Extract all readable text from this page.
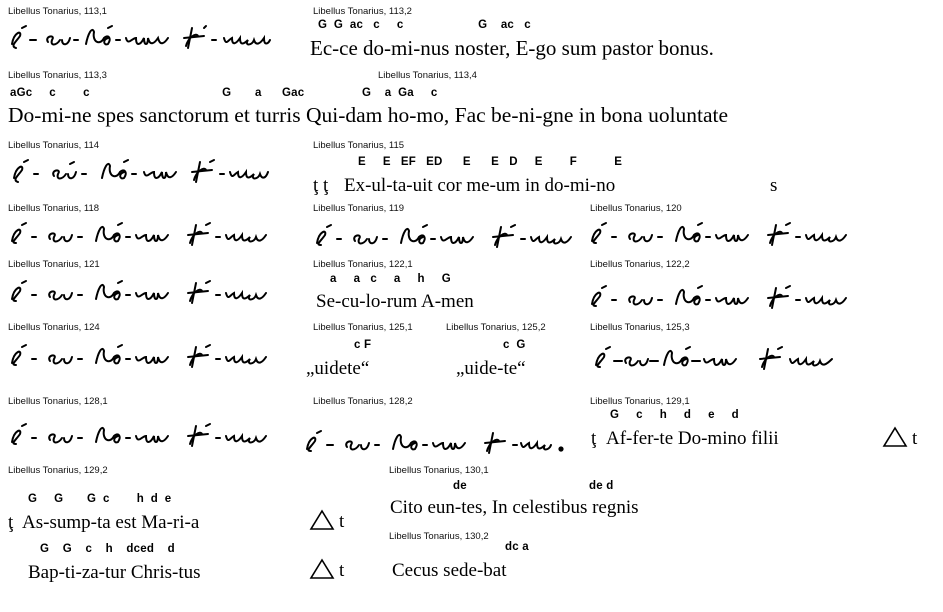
Libellus Tonarius, 113,1	Libellus Tonarius, 113,2
G  G  ac   c     c                      G    ac   c
Ec-ce do-mi-nus noster, E-go sum pastor bonus.
Libellus Tonarius, 113,3	Libellus Tonarius, 113,4
aGc     c        c                                       G       a      Gac                 G    a  Ga     c
Do-mi-ne spes sanctorum et turris Qui-dam ho-mo, Fac be-ni-gne in bona uoluntate
Libellus Tonarius, 114	Libellus Tonarius, 115
E     E   EF   ED      E      E   D     E        F           E
ţ ţ Ex-ul-ta-uit cor me-um in do-mi-no	s
Libellus Tonarius, 118	Libellus Tonarius, 119	Libellus Tonarius, 120
Libellus Tonarius, 121	Libellus Tonarius, 122,1	Libellus Tonarius, 122,2
a     a   c     a     h     G
Se-cu-lo-rum A-men
Libellus Tonarius, 124	Libellus Tonarius, 125,1	Libellus Tonarius, 125,2	Libellus Tonarius, 125,3
c F
„uidete“
c  G
„uide-te“
Libellus Tonarius, 128,1	Libellus Tonarius, 128,2	Libellus Tonarius, 129,1
G     c     h     d     e     d
ţ Af-fer-te Do-mino filii	t
Libellus Tonarius, 129,2	Libellus Tonarius, 130,1
G     G       G  c        h  d  e
ţ As-sump-ta est Ma-ri-a	t
de                                    de d
Cito eun-tes, In celestibus regnis
Libellus Tonarius, 130,2
G    G    c    h    dced    d
Bap-ti-za-tur Chris-tus	t
dc a
Cecus sede-bat
